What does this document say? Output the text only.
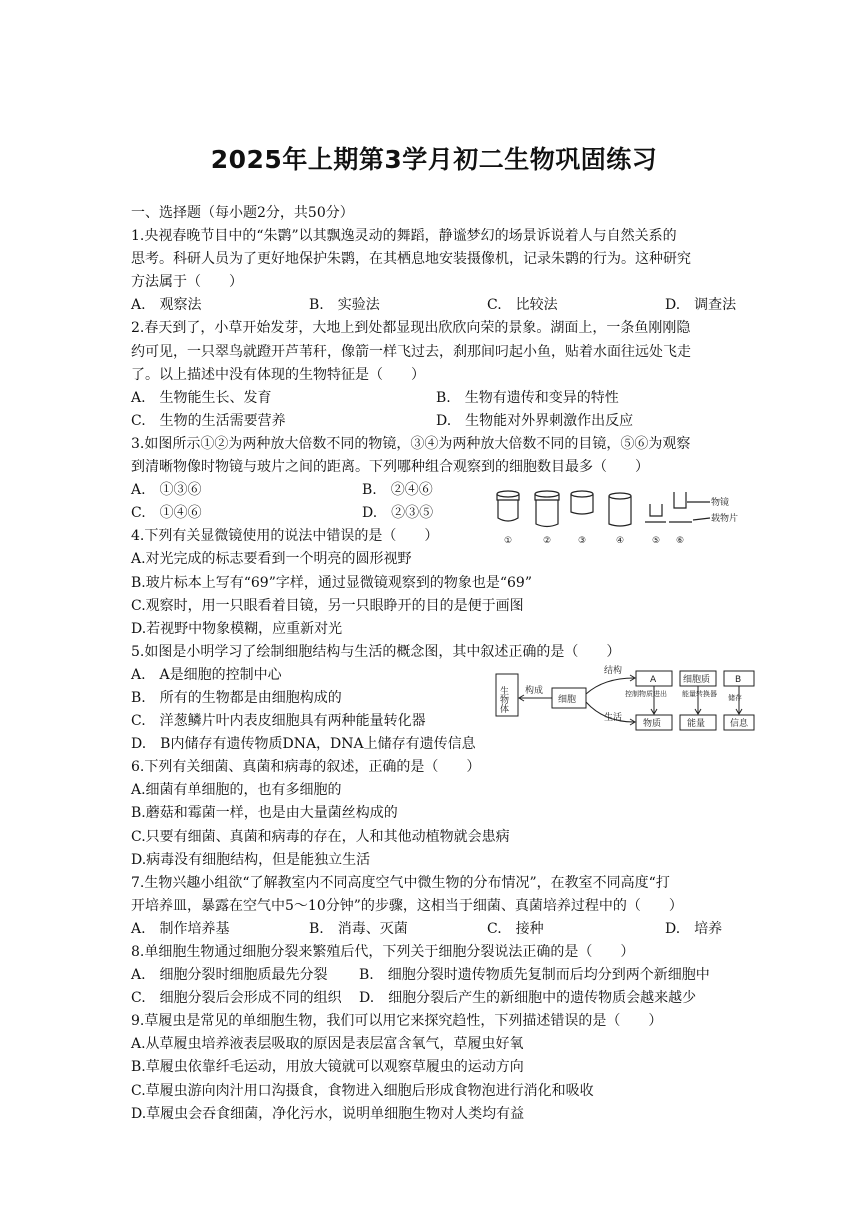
2025年上期第3学月初二生物巩固练习
一、选择题（每小题2分，共50分）
1.央视春晚节目中的“朱鹮”以其飘逸灵动的舞蹈，静谧梦幻的场景诉说着人与自然关系的
思考。科研人员为了更好地保护朱鹮，在其栖息地安装摄像机，记录朱鹮的行为。这种研究
方法属于（　　）
A.　观察法	B.　实验法	C.　比较法	D.　调查法
2.春天到了，小草开始发芽，大地上到处都显现出欣欣向荣的景象。湖面上，一条鱼刚刚隐
约可见，一只翠鸟就蹬开芦苇秆，像箭一样飞过去，刹那间叼起小鱼，贴着水面往远处飞走
了。以上描述中没有体现的生物特征是（　　）
A.　生物能生长、发育	B.　生物有遗传和变异的特性
C.　生物的生活需要营养	D.　生物能对外界刺激作出反应
3.如图所示①②为两种放大倍数不同的物镜，③④为两种放大倍数不同的目镜，⑤⑥为观察
到清晰物像时物镜与玻片之间的距离。下列哪种组合观察到的细胞数目最多（　　）
A.　①③⑥	B.　②④⑥
C.　①④⑥	D.　②③⑤
4.下列有关显微镜使用的说法中错误的是（　　）
A.对光完成的标志要看到一个明亮的圆形视野
B.玻片标本上写有“69”字样，通过显微镜观察到的物象也是“69”
C.观察时，用一只眼看着目镜，另一只眼睁开的目的是便于画图
D.若视野中物象模糊，应重新对光
5.如图是小明学习了绘制细胞结构与生活的概念图，其中叙述正确的是（　　）
A.　A是细胞的控制中心
B.　所有的生物都是由细胞构成的
C.　洋葱鳞片叶内表皮细胞具有两种能量转化器
D.　B内储存有遗传物质DNA，DNA上储存有遗传信息
6.下列有关细菌、真菌和病毒的叙述，正确的是（　　）
A.细菌有单细胞的，也有多细胞的
B.蘑菇和霉菌一样，也是由大量菌丝构成的
C.只要有细菌、真菌和病毒的存在，人和其他动植物就会患病
D.病毒没有细胞结构，但是能独立生活
7.生物兴趣小组欲“了解教室内不同高度空气中微生物的分布情况”，在教室不同高度“打
开培养皿，暴露在空气中5～10分钟”的步骤，这相当于细菌、真菌培养过程中的（　　）
A.　制作培养基	B.　消毒、灭菌	C.　接种	D.　培养
8.单细胞生物通过细胞分裂来繁殖后代，下列关于细胞分裂说法正确的是（　　）
A.　细胞分裂时细胞质最先分裂	B.　细胞分裂时遗传物质先复制而后均分到两个新细胞中
C.　细胞分裂后会形成不同的组织	D.　细胞分裂后产生的新细胞中的遗传物质会越来越少
9.草履虫是常见的单细胞生物，我们可以用它来探究趋性，下列描述错误的是（　　）
A.从草履虫培养液表层吸取的原因是表层富含氧气，草履虫好氧
B.草履虫依靠纤毛运动，用放大镜就可以观察草履虫的运动方向
C.草履虫游向肉汁用口沟摄食，食物进入细胞后形成食物泡进行消化和吸收
D.草履虫会吞食细菌，净化污水，说明单细胞生物对人类均有益
物镜
载物片
①	②	③	④	⑤ ⑥
生物体 构成
细胞
结构
生活
A	细胞质	B
控制物质进出 能量转换器 储存
物质	能量	信息
